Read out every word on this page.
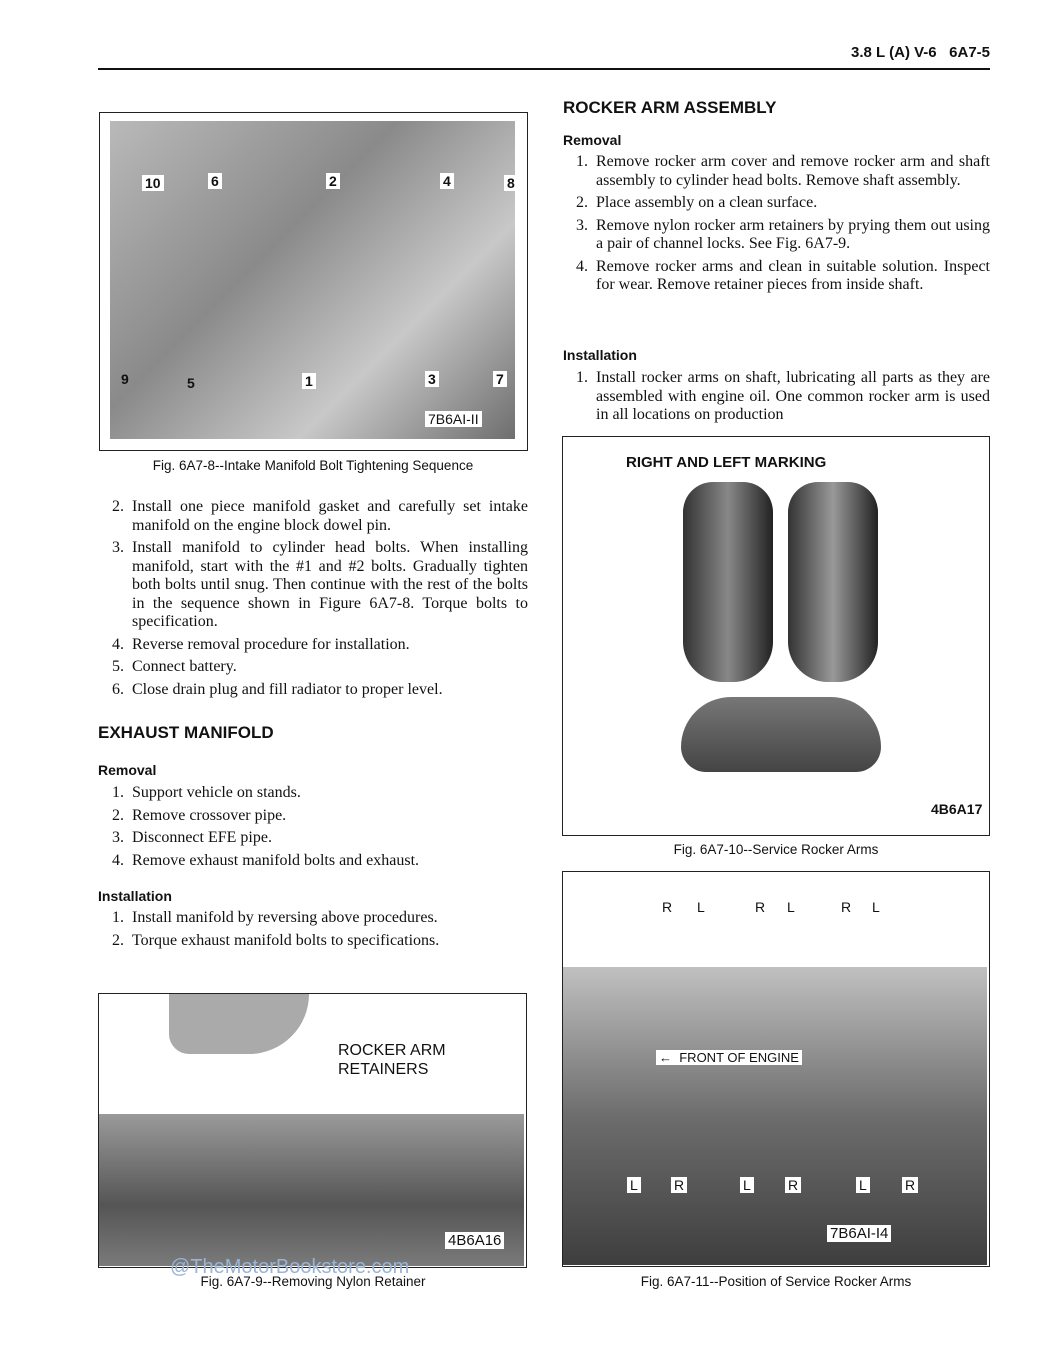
3.8 L (A) V-6 6A7-5
10	6	2	4	8
9	5	1	3	7
7B6AI-II
Fig. 6A7-8--Intake Manifold Bolt Tightening Sequence
2. Install one piece manifold gasket and carefully set intake manifold on the engine block dowel pin.
3. Install manifold to cylinder head bolts. When installing manifold, start with the #1 and #2 bolts. Gradually tighten both bolts until snug. Then continue with the rest of the bolts in the sequence shown in Figure 6A7-8. Torque bolts to specification.
4. Reverse removal procedure for installation.
5. Connect battery.
6. Close drain plug and fill radiator to proper level.
EXHAUST MANIFOLD
Removal
1. Support vehicle on stands.
2. Remove crossover pipe.
3. Disconnect EFE pipe.
4. Remove exhaust manifold bolts and exhaust.
Installation
1. Install manifold by reversing above procedures.
2. Torque exhaust manifold bolts to specifications.
ROCKER ARM
RETAINERS
4B6A16
@TheMotorBookstore.com
Fig. 6A7-9--Removing Nylon Retainer
ROCKER ARM ASSEMBLY
Removal
1. Remove rocker arm cover and remove rocker arm and shaft assembly to cylinder head bolts. Remove shaft assembly.
2. Place assembly on a clean surface.
3. Remove nylon rocker arm retainers by prying them out using a pair of channel locks. See Fig. 6A7-9.
4. Remove rocker arms and clean in suitable solution. Inspect for wear. Remove retainer pieces from inside shaft.
Installation
1. Install rocker arms on shaft, lubricating all parts as they are assembled with engine oil. One common rocker arm is used in all locations on production
RIGHT AND LEFT MARKING
4B6A17
Fig. 6A7-10--Service Rocker Arms
R L	R L	R L
←  FRONT OF ENGINE
L	R	L	R	L	R
7B6AI-I4
Fig. 6A7-11--Position of Service Rocker Arms
